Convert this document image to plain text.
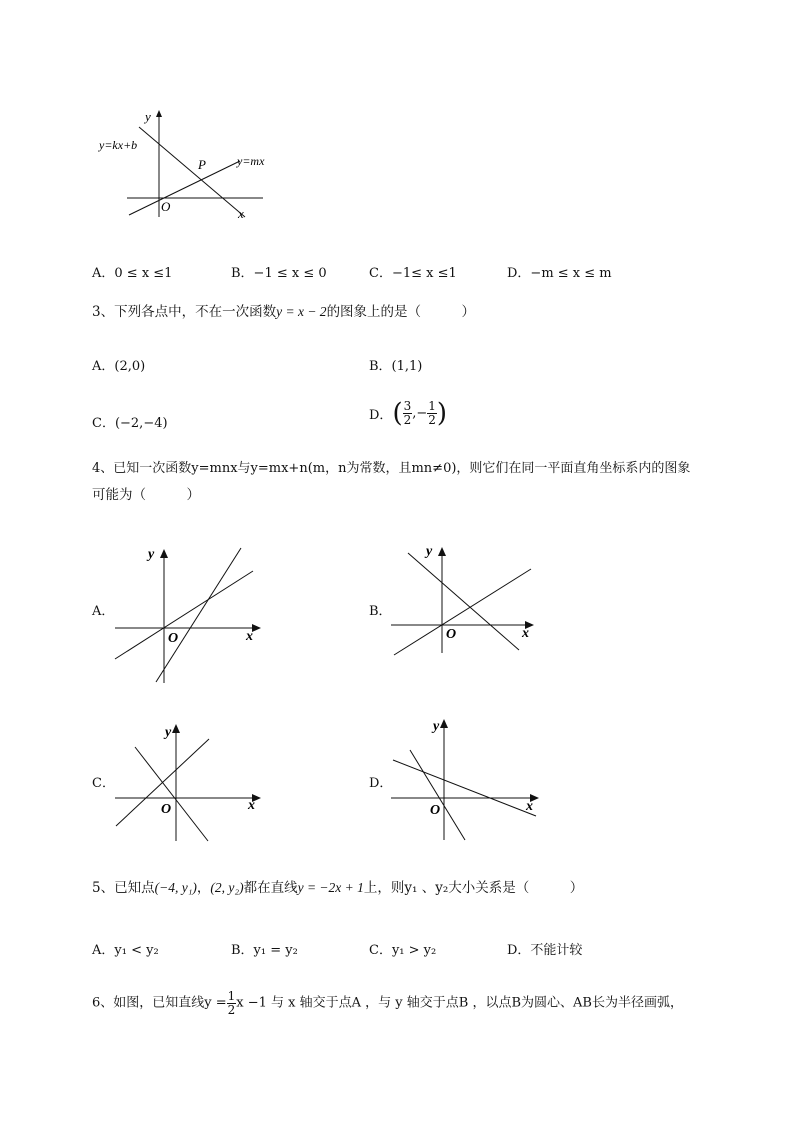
y
y=kx+b
P	y=mx
O	x
A．0 ≤ x ≤1	B．−1 ≤ x ≤ 0	C．−1≤ x ≤1	D．−m ≤ x ≤ m
3、下列各点中，不在一次函数y = x − 2的图象上的是（　　　）
A．(2,0)	B．(1,1)
C．(−2,−4)
D．( $\frac{3}{2}$ ,− $\frac{1}{2}$ )
4、已知一次函数y=mnx与y=mx+n(m，n为常数，且mn≠0)，则它们在同一平面直角坐标系内的图象
可能为（　　　）
A．	B．
C．	D．
y
O	x
y
O	x
y
O	x
y
O	x
5、已知点(−4, y₁)，(2, y₂)都在直线y = −2x + 1上，则y₁ 、y₂大小关系是（　　　）
A．y₁ < y₂	B．y₁ = y₂	C．y₁ > y₂	D．不能计较
6、如图，已知直线$y = \frac{1}{2}$ x −1 与 x 轴交于点A ，与 y 轴交于点B ，以点B为圆心、AB长为半径画弧，
